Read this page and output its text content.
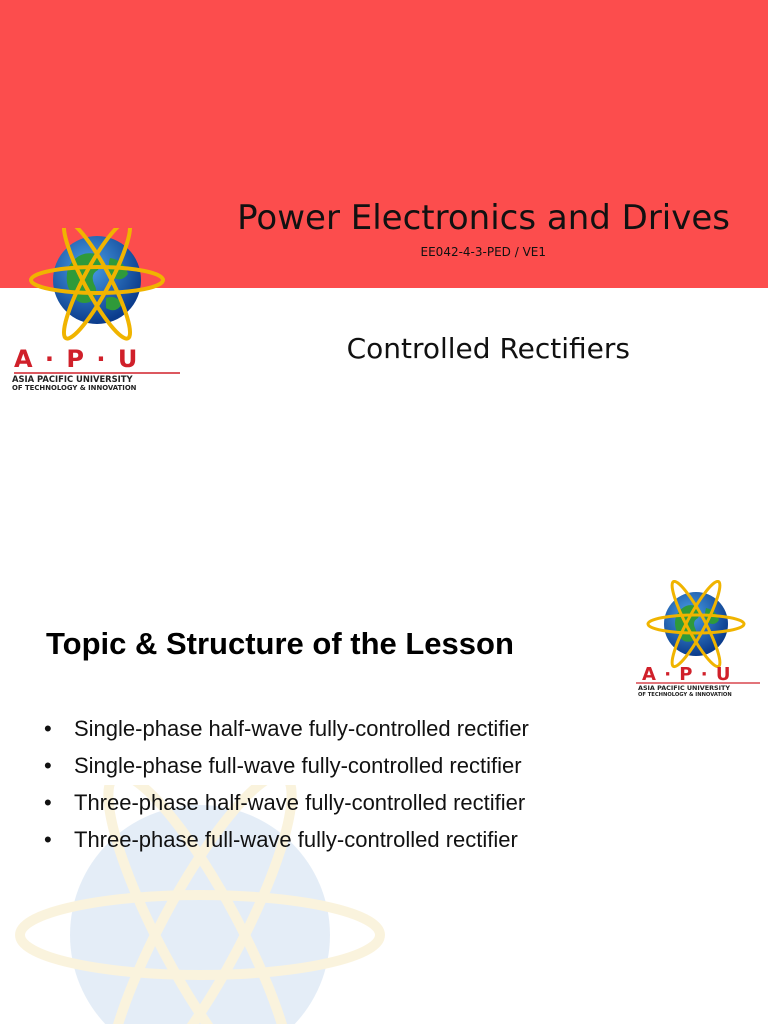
Power Electronics and Drives
EE042-4-3-PED / VE1
Controlled Rectifiers
A · P · U
ASIA PACIFIC UNIVERSITY
OF TECHNOLOGY & INNOVATION
A · P · U
ASIA PACIFIC UNIVERSITY
OF TECHNOLOGY & INNOVATION
Topic & Structure of the Lesson
•	Single-phase half-wave fully-controlled rectifier
•	Single-phase full-wave fully-controlled rectifier
•	Three-phase half-wave fully-controlled rectifier
•	Three-phase full-wave fully-controlled rectifier
